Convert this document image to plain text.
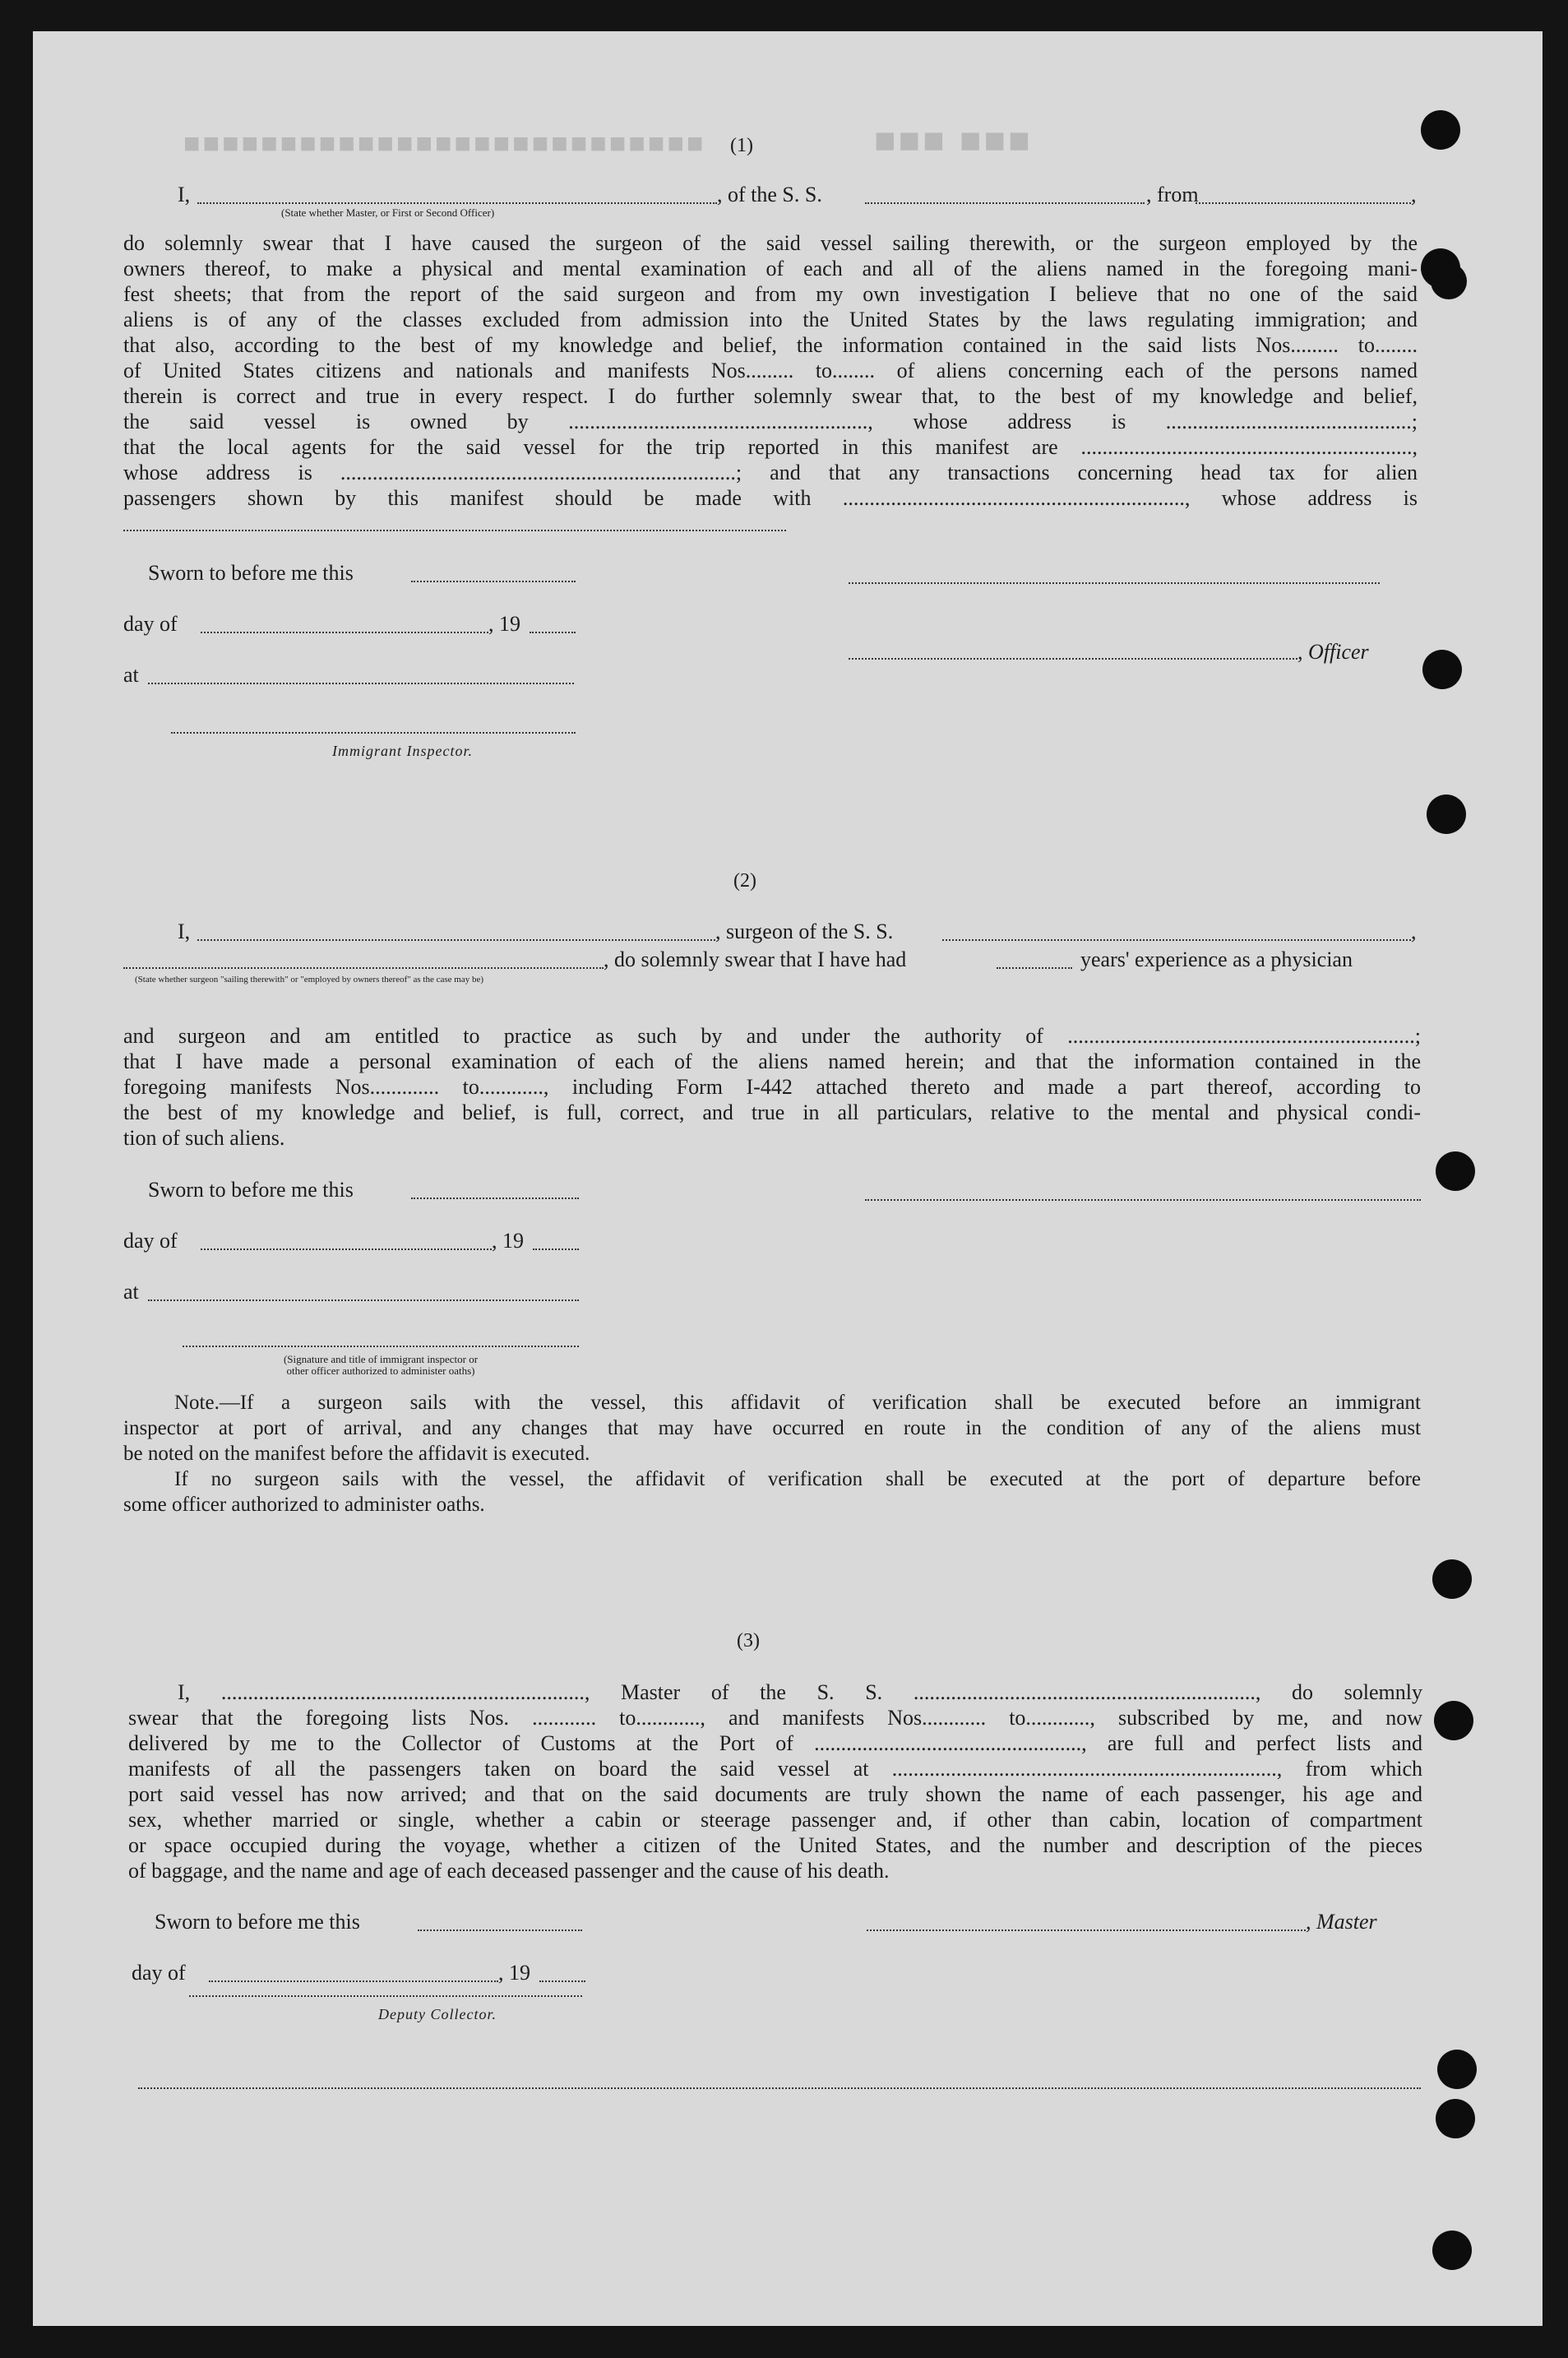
■■■■■■■■■■■■■■■■■■■■■■■■■■■	■■■ ■■■
(1)
I,	, of the S. S.	, from	,
(State whether Master, or First or Second Officer)
do solemnly swear that I have caused the surgeon of the said vessel sailing therewith, or the surgeon employed by the
owners thereof, to make a physical and mental examination of each and all of the aliens named in the foregoing mani-
fest sheets; that from the report of the said surgeon and from my own investigation I believe that no one of the said
aliens is of any of the classes excluded from admission into the United States by the laws regulating immigration; and
that also, according to the best of my knowledge and belief, the information contained in the said lists Nos......... to........
of United States citizens and nationals and manifests Nos......... to........ of aliens concerning each of the persons named
therein is correct and true in every respect. I do further solemnly swear that, to the best of my knowledge and belief,
the said vessel is owned by ........................................................, whose address is ..............................................;
that the local agents for the said vessel for the trip reported in this manifest are ..............................................................,
whose address is ..........................................................................; and that any transactions concerning head tax for alien
passengers shown by this manifest should be made with ................................................................, whose address is
Sworn to before me this
day of	, 19
, Officer
at
Immigrant Inspector.
(2)
I,	, surgeon of the S. S.	,
, do solemnly swear that I have had	years' experience as a physician
(State whether surgeon "sailing therewith" or "employed by owners thereof" as the case may be)
and surgeon and am entitled to practice as such by and under the authority of .................................................................;
that I have made a personal examination of each of the aliens named herein; and that the information contained in the
foregoing manifests Nos............. to............, including Form I-442 attached thereto and made a part thereof, according to
the best of my knowledge and belief, is full, correct, and true in all particulars, relative to the mental and physical condi-
tion of such aliens.
Sworn to before me this
day of	, 19
at
(Signature and title of immigrant inspector or
other officer authorized to administer oaths)
Note.—If a surgeon sails with the vessel, this affidavit of verification shall be executed before an immigrant
inspector at port of arrival, and any changes that may have occurred en route in the condition of any of the aliens must
be noted on the manifest before the affidavit is executed.
If no surgeon sails with the vessel, the affidavit of verification shall be executed at the port of departure before
some officer authorized to administer oaths.
(3)
I, ...................................................................., Master of the S. S. ................................................................, do solemnly
swear that the foregoing lists Nos. ............ to............, and manifests Nos............ to............, subscribed by me, and now
delivered by me to the Collector of Customs at the Port of .................................................., are full and perfect lists and
manifests of all the passengers taken on board the said vessel at ........................................................................, from which
port said vessel has now arrived; and that on the said documents are truly shown the name of each passenger, his age and
sex, whether married or single, whether a cabin or steerage passenger and, if other than cabin, location of compartment
or space occupied during the voyage, whether a citizen of the United States, and the number and description of the pieces
of baggage, and the name and age of each deceased passenger and the cause of his death.
Sworn to before me this	, Master
day of	, 19
Deputy Collector.
